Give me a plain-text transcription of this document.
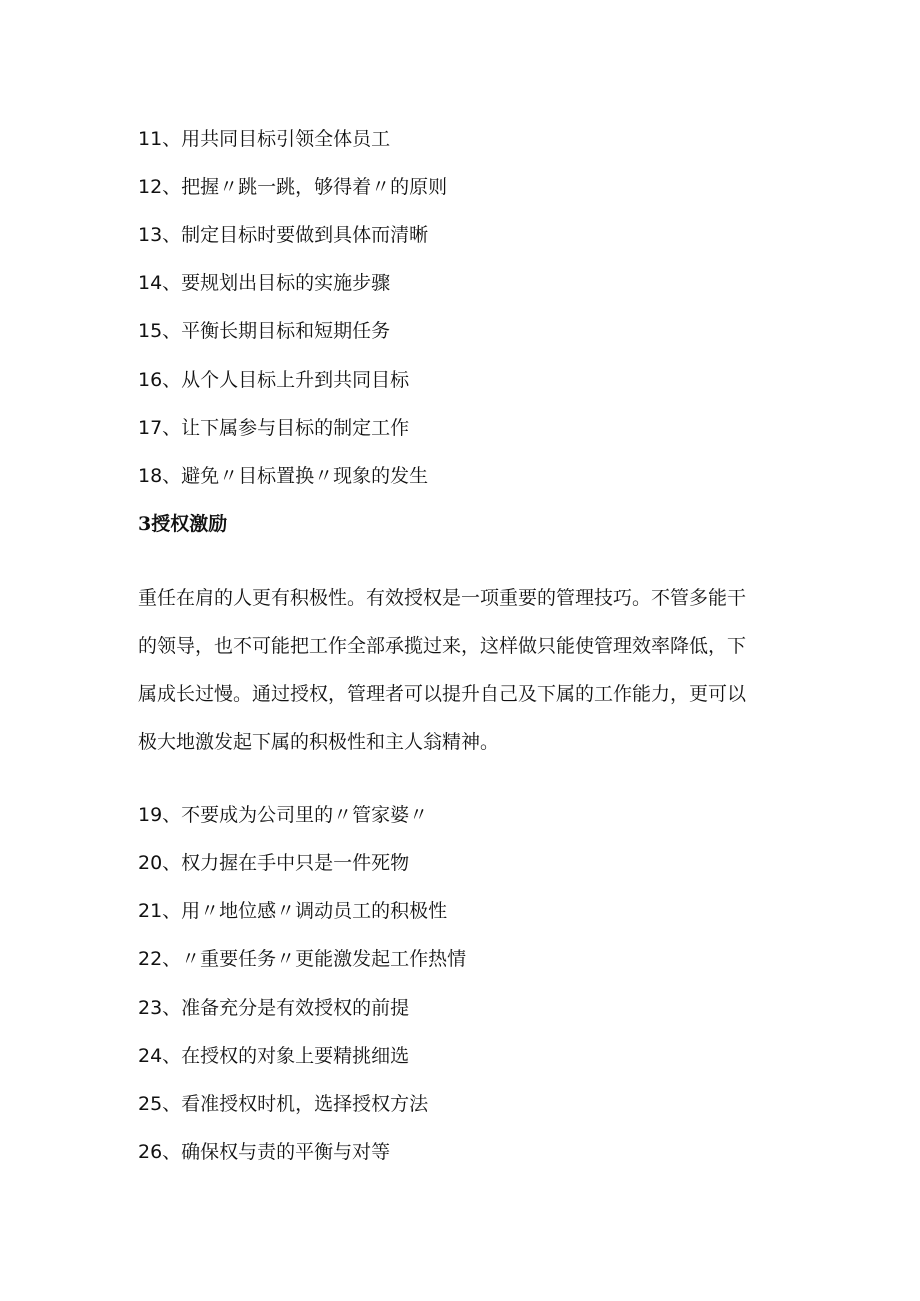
11、用共同目标引领全体员工
12、把握〃跳一跳，够得着〃的原则
13、制定目标时要做到具体而清晰
14、要规划出目标的实施步骤
15、平衡长期目标和短期任务
16、从个人目标上升到共同目标
17、让下属参与目标的制定工作
18、避免〃目标置换〃现象的发生
3授权激励
重任在肩的人更有积极性。有效授权是一项重要的管理技巧。不管多能干
的领导，也不可能把工作全部承揽过来，这样做只能使管理效率降低，下
属成长过慢。通过授权，管理者可以提升自己及下属的工作能力，更可以
极大地激发起下属的积极性和主人翁精神。
19、不要成为公司里的〃管家婆〃
20、权力握在手中只是一件死物
21、用〃地位感〃调动员工的积极性
22、〃重要任务〃更能激发起工作热情
23、准备充分是有效授权的前提
24、在授权的对象上要精挑细选
25、看准授权时机，选择授权方法
26、确保权与责的平衡与对等
